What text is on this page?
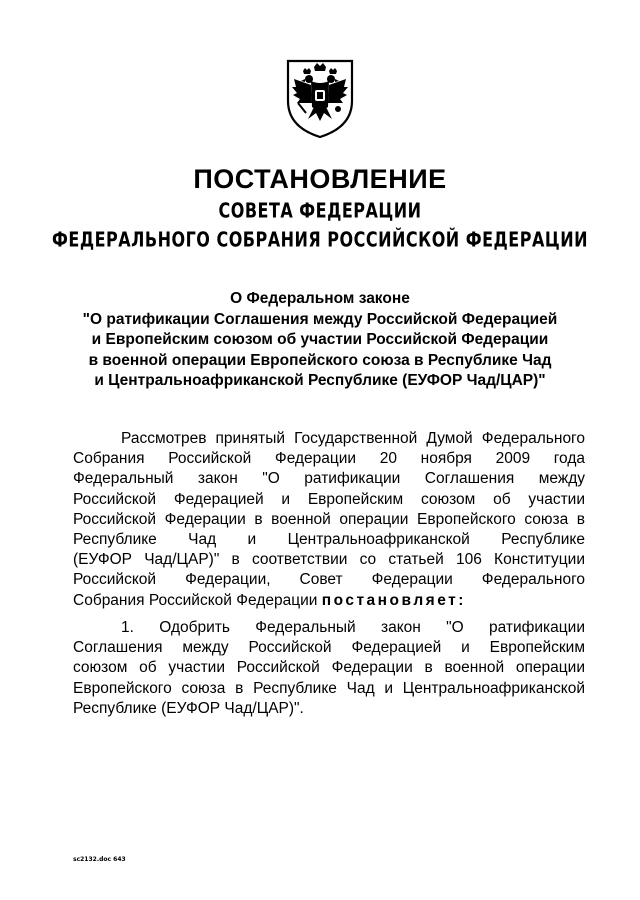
ПОСТАНОВЛЕНИЕ
СОВЕТА ФЕДЕРАЦИИ
ФЕДЕРАЛЬНОГО СОБРАНИЯ РОССИЙСКОЙ ФЕДЕРАЦИИ
О Федеральном законе
"О ратификации Соглашения между Российской Федерацией
и Европейским союзом об участии Российской Федерации
в военной операции Европейского союза в Республике Чад
и Центральноафриканской Республике (ЕУФОР Чад/ЦАР)"
Рассмотрев принятый Государственной Думой Федерального
Собрания Российской Федерации 20 ноября 2009 года
Федеральный закон "О ратификации Соглашения между
Российской Федерацией и Европейским союзом об участии
Российской Федерации в военной операции Европейского союза в
Республике Чад и Центральноафриканской Республике
(ЕУФОР Чад/ЦАР)" в соответствии со статьей 106 Конституции
Российской Федерации, Совет Федерации Федерального
Собрания Российской Федерации постановляет:
1. Одобрить Федеральный закон "О ратификации
Соглашения между Российской Федерацией и Европейским
союзом об участии Российской Федерации в военной операции
Европейского союза в Республике Чад и Центральноафриканской
Республике (ЕУФОР Чад/ЦАР)".
sc2132.doc 643
